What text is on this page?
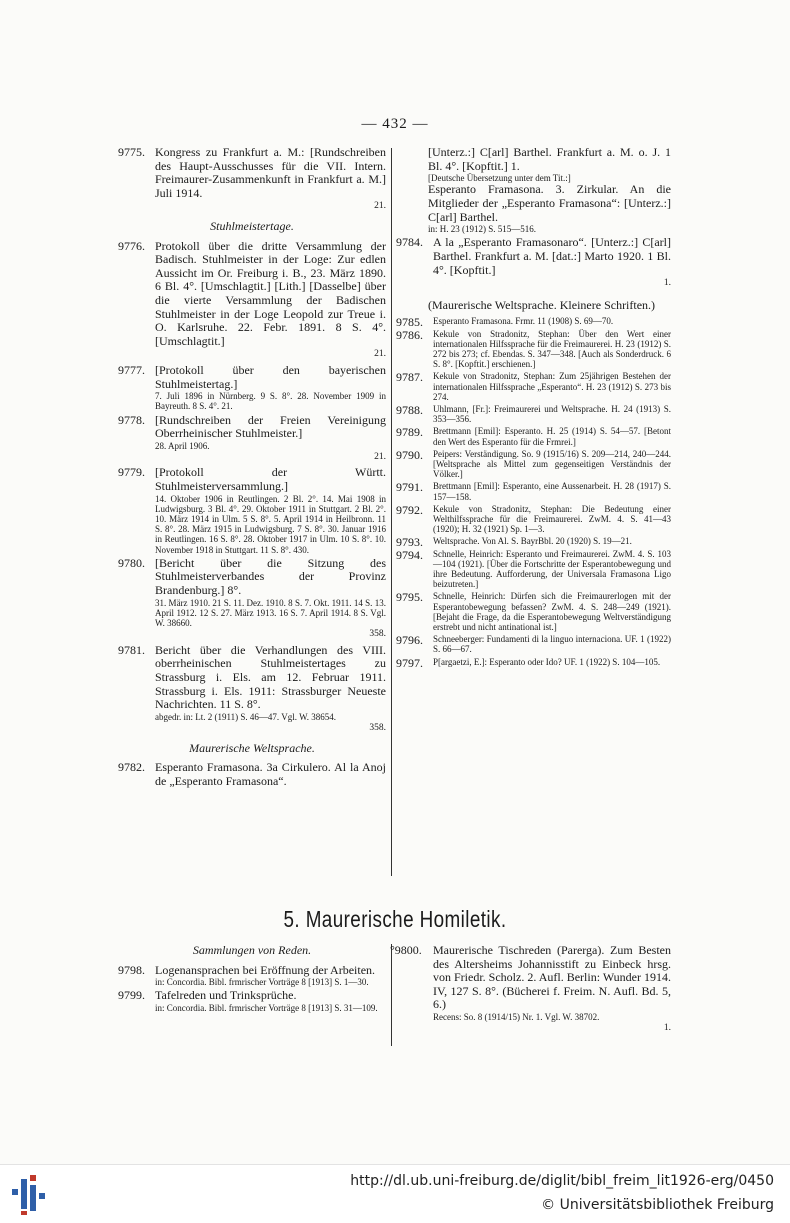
— 432 —
9775. Kongress zu Frankfurt a. M.: [Rundschreiben des Haupt-Ausschusses für die VII. Intern. Freimaurer-Zusammenkunft in Frankfurt a. M.] Juli 1914.
21.
Stuhlmeistertage.
9776. Protokoll über die dritte Versammlung der Badisch. Stuhlmeister in der Loge: Zur edlen Aussicht im Or. Freiburg i. B., 23. März 1890. 6 Bl. 4°. [Umschlagtit.] [Lith.] [Dasselbe] über die vierte Versammlung der Badischen Stuhlmeister in der Loge Leopold zur Treue i. O. Karlsruhe. 22. Febr. 1891. 8 S. 4°. [Umschlagtit.]
21.
9777. [Protokoll über den bayerischen Stuhlmeistertag.]
7. Juli 1896 in Nürnberg. 9 S. 8°. 28. November 1909 in Bayreuth. 8 S. 4°. 21.
9778. [Rundschreiben der Freien Vereinigung Oberrheinischer Stuhlmeister.]
28. April 1906.
21.
9779. [Protokoll der Württ. Stuhlmeisterversammlung.]
14. Oktober 1906 in Reutlingen. 2 Bl. 2°. 14. Mai 1908 in Ludwigsburg. 3 Bl. 4°. 29. Oktober 1911 in Stuttgart. 2 Bl. 2°. 10. März 1914 in Ulm. 5 S. 8°. 5. April 1914 in Heilbronn. 11 S. 8°. 28. März 1915 in Ludwigsburg. 7 S. 8°. 30. Januar 1916 in Reutlingen. 16 S. 8°. 28. Oktober 1917 in Ulm. 10 S. 8°. 10. November 1918 in Stuttgart. 11 S. 8°. 430.
9780. [Bericht über die Sitzung des Stuhlmeisterverbandes der Provinz Brandenburg.] 8°.
31. März 1910. 21 S. 11. Dez. 1910. 8 S. 7. Okt. 1911. 14 S. 13. April 1912. 12 S. 27. März 1913. 16 S. 7. April 1914. 8 S. Vgl. W. 38660.
358.
9781. Bericht über die Verhandlungen des VIII. oberrheinischen Stuhlmeistertages zu Strassburg i. Els. am 12. Februar 1911. Strassburg i. Els. 1911: Strassburger Neueste Nachrichten. 11 S. 8°.
abgedr. in: Lt. 2 (1911) S. 46—47. Vgl. W. 38654.
358.
Maurerische Weltsprache.
9782. Esperanto Framasona. 3a Cirkulero. Al la Anoj de „Esperanto Framasona“.
[Unterz.:] C[arl] Barthel. Frankfurt a. M. o. J. 1 Bl. 4°. [Kopftit.] 1.
[Deutsche Übersetzung unter dem Tit.:]
Esperanto Framasona. 3. Zirkular. An die Mitglieder der „Esperanto Framasona“: [Unterz.:] C[arl] Barthel.
in: H. 23 (1912) S. 515—516.
9784. A la „Esperanto Framasonaro“. [Unterz.:] C[arl] Barthel. Frankfurt a. M. [dat.:] Marto 1920. 1 Bl. 4°. [Kopftit.]
1.
(Maurerische Weltsprache. Kleinere Schriften.)
9785. Esperanto Framasona. Frmr. 11 (1908) S. 69—70.
9786. Kekule von Stradonitz, Stephan: Über den Wert einer internationalen Hilfssprache für die Freimaurerei. H. 23 (1912) S. 272 bis 273; cf. Ebendas. S. 347—348. [Auch als Sonderdruck. 6 S. 8°. [Kopftit.] erschienen.]
9787. Kekule von Stradonitz, Stephan: Zum 25jährigen Bestehen der internationalen Hilfssprache „Esperanto“. H. 23 (1912) S. 273 bis 274.
9788. Uhlmann, [Fr.]: Freimaurerei und Weltsprache. H. 24 (1913) S. 353—356.
9789. Brettmann [Emil]: Esperanto. H. 25 (1914) S. 54—57. [Betont den Wert des Esperanto für die Frmrei.]
9790. Peipers: Verständigung. So. 9 (1915/16) S. 209—214, 240—244. [Weltsprache als Mittel zum gegenseitigen Verständnis der Völker.]
9791. Brettmann [Emil]: Esperanto, eine Aussenarbeit. H. 28 (1917) S. 157—158.
9792. Kekule von Stradonitz, Stephan: Die Bedeutung einer Welthilfssprache für die Freimaurerei. ZwM. 4. S. 41—43 (1920); H. 32 (1921) Sp. 1—3.
9793. Weltsprache. Von Al. S. BayrBbl. 20 (1920) S. 19—21.
9794. Schnelle, Heinrich: Esperanto und Freimaurerei. ZwM. 4. S. 103—104 (1921). [Über die Fortschritte der Esperantobewegung und ihre Bedeutung. Aufforderung, der Universala Framasona Ligo beizutreten.]
9795. Schnelle, Heinrich: Dürfen sich die Freimaurerlogen mit der Esperantobewegung befassen? ZwM. 4. S. 248—249 (1921). [Bejaht die Frage, da die Esperantobewegung Weltverständigung erstrebt und nicht antinational ist.]
9796. Schneeberger: Fundamenti di la linguo internaciona. UF. 1 (1922) S. 66—67.
9797. P[argaetzi, E.]: Esperanto oder Ido? UF. 1 (1922) S. 104—105.
5. Maurerische Homiletik.
Sammlungen von Reden.
9798. Logenansprachen bei Eröffnung der Arbeiten.
in: Concordia. Bibl. frmrischer Vorträge 8 [1913] S. 1—30.
9799. Tafelreden und Trinksprüche.
in: Concordia. Bibl. frmrischer Vorträge 8 [1913] S. 31—109.
°9800. Maurerische Tischreden (Parerga). Zum Besten des Altersheims Johannisstift zu Einbeck hrsg. von Friedr. Scholz. 2. Aufl. Berlin: Wunder 1914. IV, 127 S. 8°. (Bücherei f. Freim. N. Aufl. Bd. 5, 6.)
Recens: So. 8 (1914/15) Nr. 1. Vgl. W. 38702.
1.
http://dl.ub.uni-freiburg.de/diglit/bibl_freim_lit1926-erg/0450
© Universitätsbibliothek Freiburg
